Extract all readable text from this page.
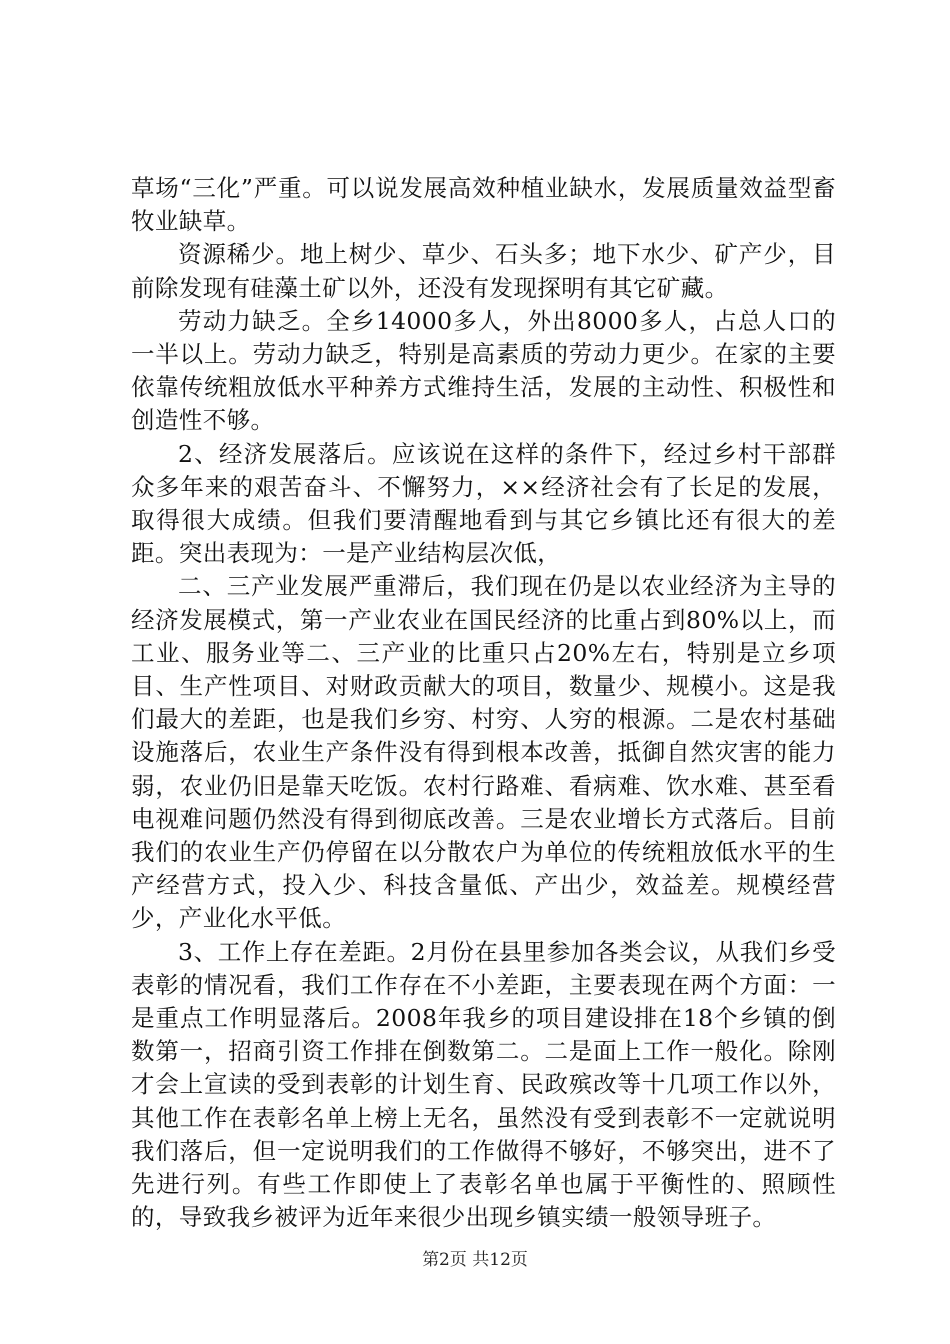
草场“三化”严重。可以说发展高效种植业缺水，发展质量效益型畜牧业缺草。

资源稀少。地上树少、草少、石头多；地下水少、矿产少，目前除发现有硅藻土矿以外，还没有发现探明有其它矿藏。

劳动力缺乏。全乡14000多人，外出8000多人，占总人口的一半以上。劳动力缺乏，特别是高素质的劳动力更少。在家的主要依靠传统粗放低水平种养方式维持生活，发展的主动性、积极性和创造性不够。

2、经济发展落后。应该说在这样的条件下，经过乡村干部群众多年来的艰苦奋斗、不懈努力，××经济社会有了长足的发展，取得很大成绩。但我们要清醒地看到与其它乡镇比还有很大的差距。突出表现为：一是产业结构层次低，

二、三产业发展严重滞后，我们现在仍是以农业经济为主导的经济发展模式，第一产业农业在国民经济的比重占到80%以上，而工业、服务业等二、三产业的比重只占20%左右，特别是立乡项目、生产性项目、对财政贡献大的项目，数量少、规模小。这是我们最大的差距，也是我们乡穷、村穷、人穷的根源。二是农村基础设施落后，农业生产条件没有得到根本改善，抵御自然灾害的能力弱，农业仍旧是靠天吃饭。农村行路难、看病难、饮水难、甚至看电视难问题仍然没有得到彻底改善。三是农业增长方式落后。目前我们的农业生产仍停留在以分散农户为单位的传统粗放低水平的生产经营方式，投入少、科技含量低、产出少，效益差。规模经营少，产业化水平低。

3、工作上存在差距。2月份在县里参加各类会议，从我们乡受表彰的情况看，我们工作存在不小差距，主要表现在两个方面：一是重点工作明显落后。2008年我乡的项目建设排在18个乡镇的倒数第一，招商引资工作排在倒数第二。二是面上工作一般化。除刚才会上宣读的受到表彰的计划生育、民政殡改等十几项工作以外，其他工作在表彰名单上榜上无名，虽然没有受到表彰不一定就说明我们落后，但一定说明我们的工作做得不够好，不够突出，进不了先进行列。有些工作即使上了表彰名单也属于平衡性的、照顾性的，导致我乡被评为近年来很少出现乡镇实绩一般领导班子。

第2页 共12页
